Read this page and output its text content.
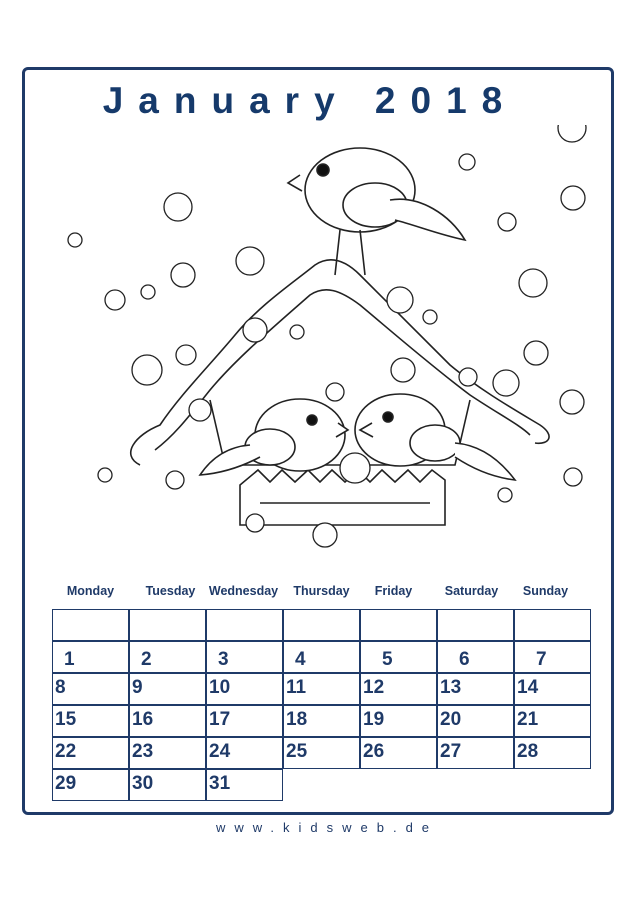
January 2018
Monday	Tuesday	Wednesday	Thursday	Friday	Saturday	Sunday
1	2	3	4	5	6	7
8	9	10	11	12	13	14
15	16	17	18	19	20	21
22	23	24	25	26	27	28
29	30	31
www.kidsweb.de
